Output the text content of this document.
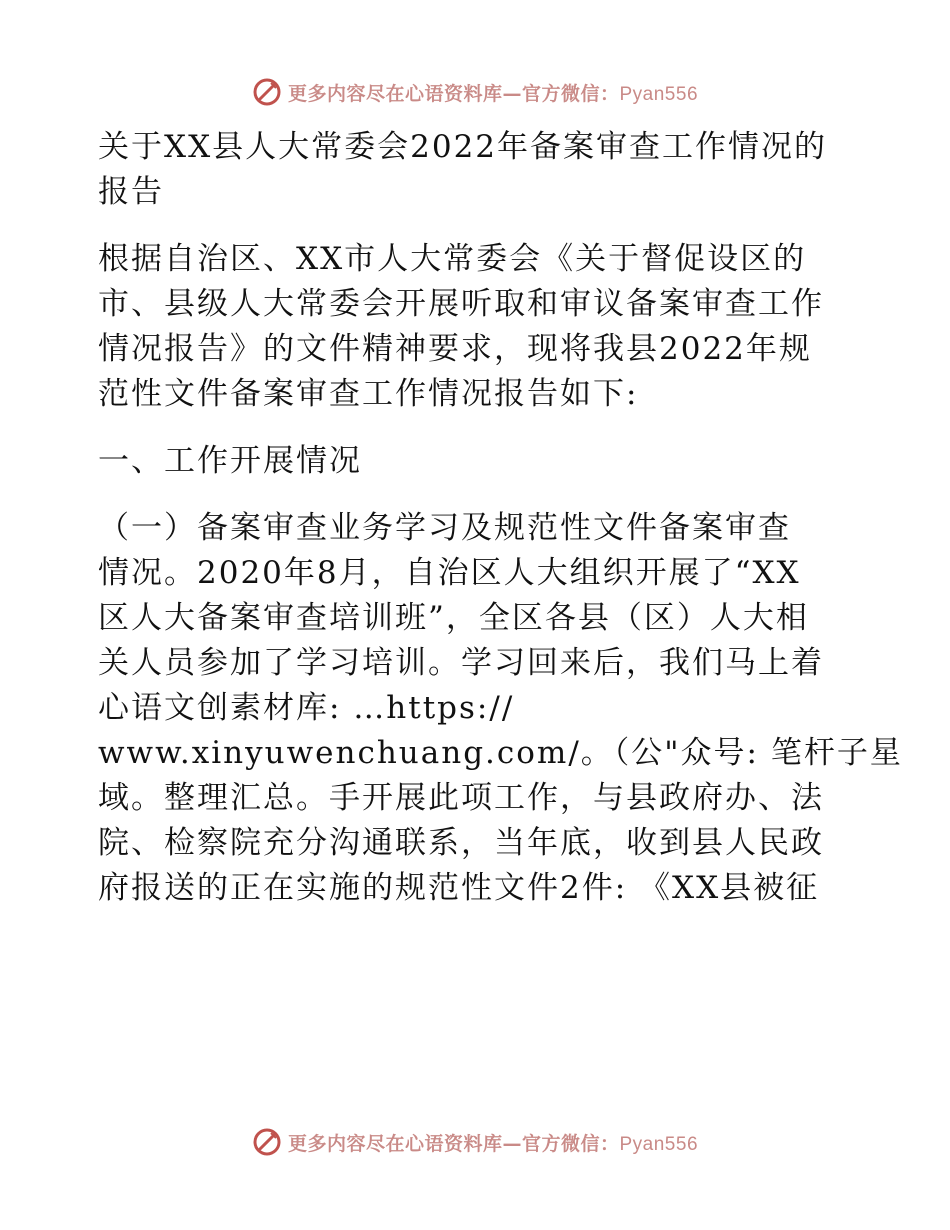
更多内容尽在心语资料库—官方微信：Pyan556
关于XX县人大常委会2022年备案审查工作情况的
报告
根据自治区、XX市人大常委会《关于督促设区的
市、县级人大常委会开展听取和审议备案审查工作
情况报告》的文件精神要求，现将我县2022年规
范性文件备案审查工作情况报告如下:
一、工作开展情况
（一）备案审查业务学习及规范性文件备案审查
情况。2020年8月，自治区人大组织开展了“XX
区人大备案审查培训班”，全区各县（区）人大相
关人员参加了学习培训。学习回来后，我们马上着
心语文创素材库: …https://
www.xinyuwenchuang.com/。（公"众号: 笔杆子星
域。整理汇总。手开展此项工作，与县政府办、法
院、检察院充分沟通联系，当年底，收到县人民政
府报送的正在实施的规范性文件2件: 《XX县被征
更多内容尽在心语资料库—官方微信：Pyan556
